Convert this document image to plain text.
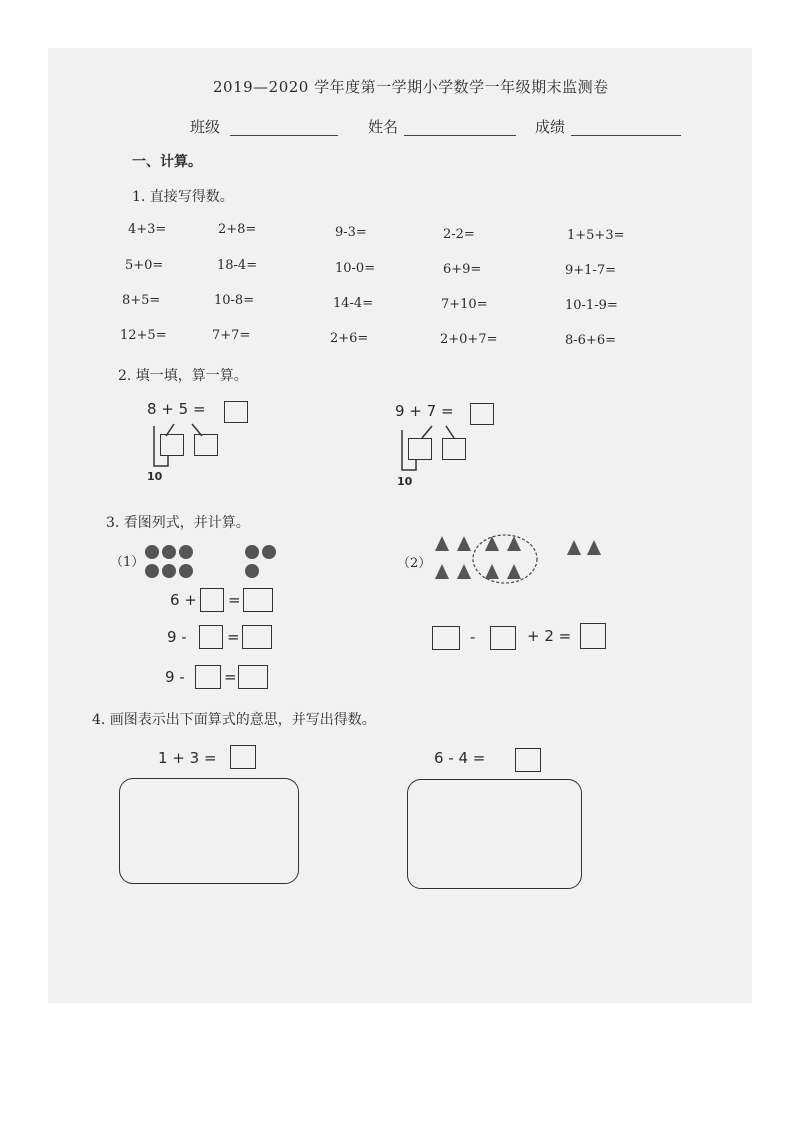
2019—2020 学年度第一学期小学数学一年级期末监测卷
班级	姓名	成绩
一、计算。
1. 直接写得数。
4+3=	2+8=	9-3=	2-2=	1+5+3=
5+0=	18-4=	10-0=	6+9=	9+1-7=
8+5=	10-8=	14-4=	7+10=	10-1-9=
12+5=	7+7=	2+6=	2+0+7=	8-6+6=
2. 填一填，算一算。
8 + 5 =
10
9 + 7 =
10
3. 看图列式，并计算。
（1）
6 + =
9 -	=
9 -	=
（2）
-	+ 2 =
4. 画图表示出下面算式的意思，并写出得数。
1 + 3 =	6 - 4 =
